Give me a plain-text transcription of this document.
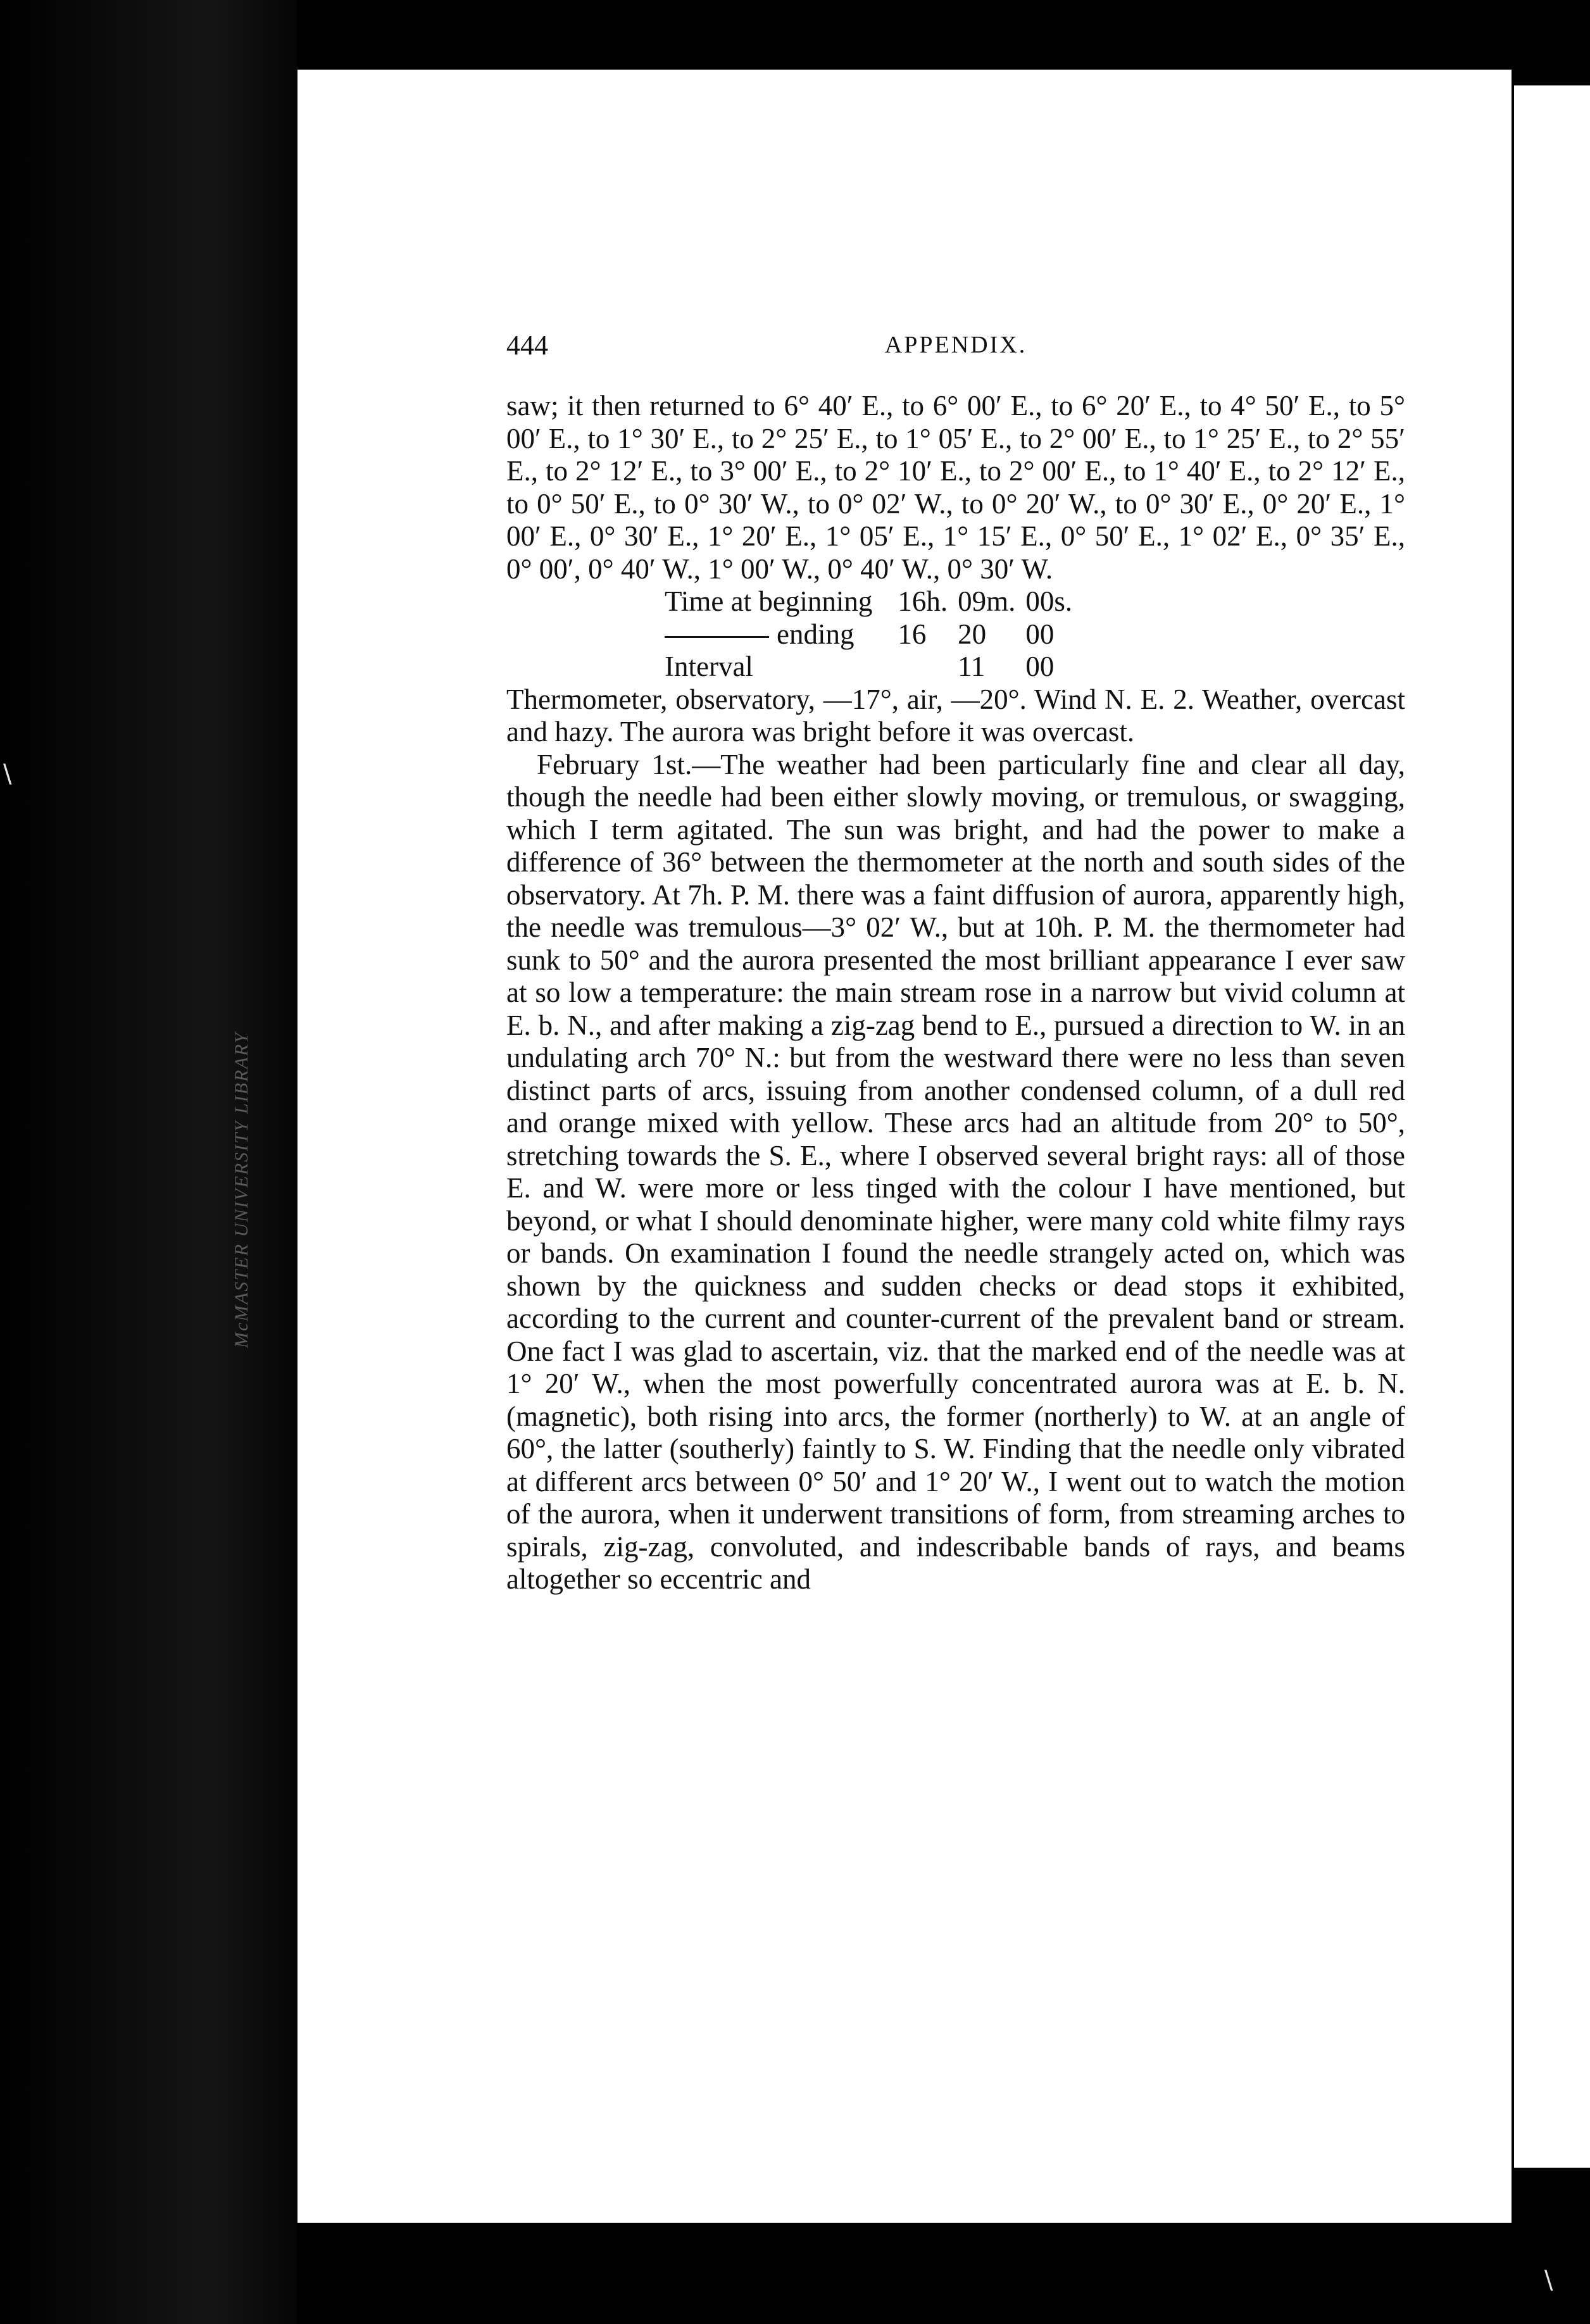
McMASTER UNIVERSITY LIBRARY
\
\
444	APPENDIX.

saw; it then returned to 6° 40′ E., to 6° 00′ E., to 6° 20′ E., to 4° 50′ E., to 5° 00′ E., to 1° 30′ E., to 2° 25′ E., to 1° 05′ E., to 2° 00′ E., to 1° 25′ E., to 2° 55′ E., to 2° 12′ E., to 3° 00′ E., to 2° 10′ E., to 2° 00′ E., to 1° 40′ E., to 2° 12′ E., to 0° 50′ E., to 0° 30′ W., to 0° 02′ W., to 0° 20′ W., to 0° 30′ E., 0° 20′ E., 1° 00′ E., 0° 30′ E., 1° 20′ E., 1° 05′ E., 1° 15′ E., 0° 50′ E., 1° 02′ E., 0° 35′ E., 0° 00′, 0° 40′ W., 1° 00′ W., 0° 40′ W., 0° 30′ W.

Time at beginning	16h.	09m.	00s.
ending	16	20	00
Interval		11	00

Thermometer, observatory, —17°, air, —20°. Wind N. E. 2. Weather, overcast and hazy. The aurora was bright before it was overcast.

February 1st.—The weather had been particularly fine and clear all day, though the needle had been either slowly moving, or tremulous, or swagging, which I term agitated. The sun was bright, and had the power to make a difference of 36° between the thermometer at the north and south sides of the observatory. At 7h. P. M. there was a faint diffusion of aurora, apparently high, the needle was tremulous—3° 02′ W., but at 10h. P. M. the thermometer had sunk to 50° and the aurora presented the most brilliant appearance I ever saw at so low a temperature: the main stream rose in a narrow but vivid column at E. b. N., and after making a zig-zag bend to E., pursued a direction to W. in an undulating arch 70° N.: but from the westward there were no less than seven distinct parts of arcs, issuing from another condensed column, of a dull red and orange mixed with yellow. These arcs had an altitude from 20° to 50°, stretching towards the S. E., where I observed several bright rays: all of those E. and W. were more or less tinged with the colour I have mentioned, but beyond, or what I should denominate higher, were many cold white filmy rays or bands. On examination I found the needle strangely acted on, which was shown by the quickness and sudden checks or dead stops it exhibited, according to the current and counter-current of the prevalent band or stream. One fact I was glad to ascertain, viz. that the marked end of the needle was at 1° 20′ W., when the most powerfully concentrated aurora was at E. b. N. (magnetic), both rising into arcs, the former (northerly) to W. at an angle of 60°, the latter (southerly) faintly to S. W. Finding that the needle only vibrated at different arcs between 0° 50′ and 1° 20′ W., I went out to watch the motion of the aurora, when it underwent transitions of form, from streaming arches to spirals, zig-zag, convoluted, and indescribable bands of rays, and beams altogether so eccentric and
